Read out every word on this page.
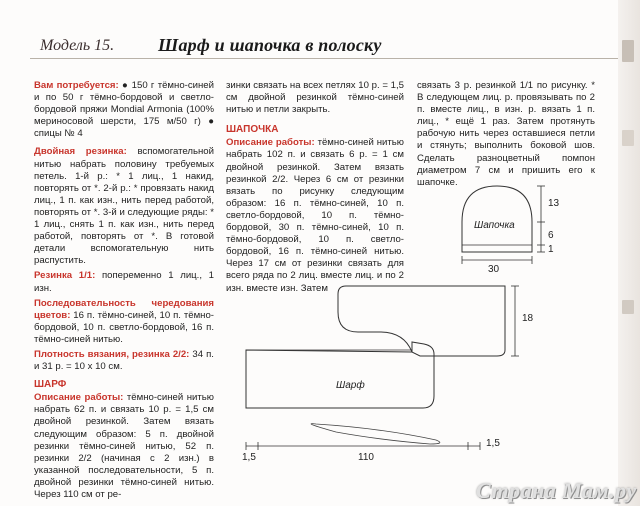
Модель 15. Шарф и шапочка в полоску

Вам потребуется: ● 150 г тёмно-синей и по 50 г тёмно-бордовой и светло-бордовой пряжи Mondial Armonia (100% мериносовой шерсти, 175 м/50 г) ● спицы № 4

Двойная резинка: вспомогательной нитью набрать половину требуемых петель. 1-й р.: * 1 лиц., 1 накид, повторять от *. 2-й р.: * провязать накид лиц., 1 п. как изн., нить перед работой, повторять от *. 3-й и следующие ряды: * 1 лиц., снять 1 п. как изн., нить перед работой, повторять от *. В готовой детали вспомогательную нить распустить.

Резинка 1/1: попеременно 1 лиц., 1 изн.

Последовательность чередования цветов: 16 п. тёмно-синей, 10 п. тёмно-бордовой, 10 п. светло-бордовой, 16 п. тёмно-синей нитью.

Плотность вязания, резинка 2/2: 34 п. и 31 р. = 10 х 10 см.

ШАРФ

Описание работы: тёмно-синей нитью набрать 62 п. и связать 10 р. = 1,5 см двойной резинкой. Затем вязать следующим образом: 5 п. двойной резинки тёмно-синей нитью, 52 п. резинки 2/2 (начиная с 2 изн.) в указанной последовательности, 5 п. двойной резинки тёмно-синей нитью. Через 110 см от ре-

зинки связать на всех петлях 10 р. = 1,5 см двойной резинкой тёмно-синей нитью и петли закрыть.

ШАПОЧКА

Описание работы: тёмно-синей нитью набрать 102 п. и связать 6 р. = 1 см двойной резинкой. Затем вязать резинкой 2/2. Через 6 см от резинки вязать по рисунку следующим образом: 16 п. тёмно-синей, 10 п. светло-бордовой, 10 п. тёмно-бордовой, 30 п. тёмно-синей, 10 п. тёмно-бордовой, 10 п. светло-бордовой, 16 п. тёмно-синей нитью. Через 17 см от резинки связать для всего ряда по 2 лиц. вместе лиц. и по 2 изн. вместе изн. Затем

связать 3 р. резинкой 1/1 по рисунку. * В следующем лиц. р. провязывать по 2 п. вместе лиц., в изн. р. вязать 1 п. лиц., * ещё 1 раз. Затем протянуть рабочую нить через оставшиеся петли и стянуть; выполнить боковой шов. Сделать разноцветный помпон диаметром 7 см и пришить его к шапочке.

Шапочка
13
6
1
30
Шарф
18
1,5	110
1,5
Страна Мам.ру
